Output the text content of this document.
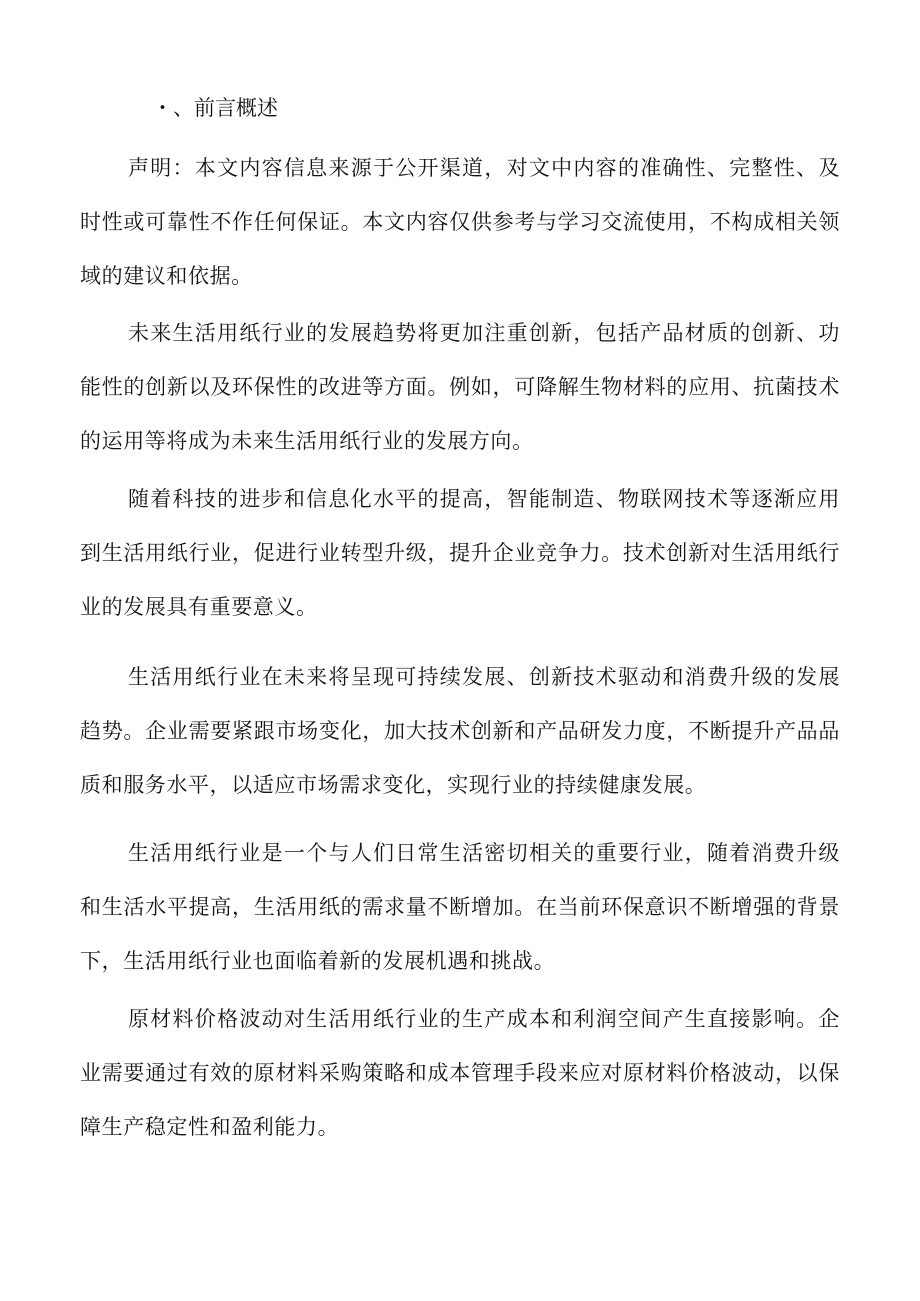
・、前言概述

声明：本文内容信息来源于公开渠道，对文中内容的准确性、完整性、及时性或可靠性不作任何保证。本文内容仅供参考与学习交流使用，不构成相关领域的建议和依据。

未来生活用纸行业的发展趋势将更加注重创新，包括产品材质的创新、功能性的创新以及环保性的改进等方面。例如，可降解生物材料的应用、抗菌技术的运用等将成为未来生活用纸行业的发展方向。

随着科技的进步和信息化水平的提高，智能制造、物联网技术等逐渐应用到生活用纸行业，促进行业转型升级，提升企业竞争力。技术创新对生活用纸行业的发展具有重要意义。

生活用纸行业在未来将呈现可持续发展、创新技术驱动和消费升级的发展趋势。企业需要紧跟市场变化，加大技术创新和产品研发力度，不断提升产品品质和服务水平，以适应市场需求变化，实现行业的持续健康发展。

生活用纸行业是一个与人们日常生活密切相关的重要行业，随着消费升级和生活水平提高，生活用纸的需求量不断增加。在当前环保意识不断增强的背景下，生活用纸行业也面临着新的发展机遇和挑战。

原材料价格波动对生活用纸行业的生产成本和利润空间产生直接影响。企业需要通过有效的原材料采购策略和成本管理手段来应对原材料价格波动，以保障生产稳定性和盈利能力。
